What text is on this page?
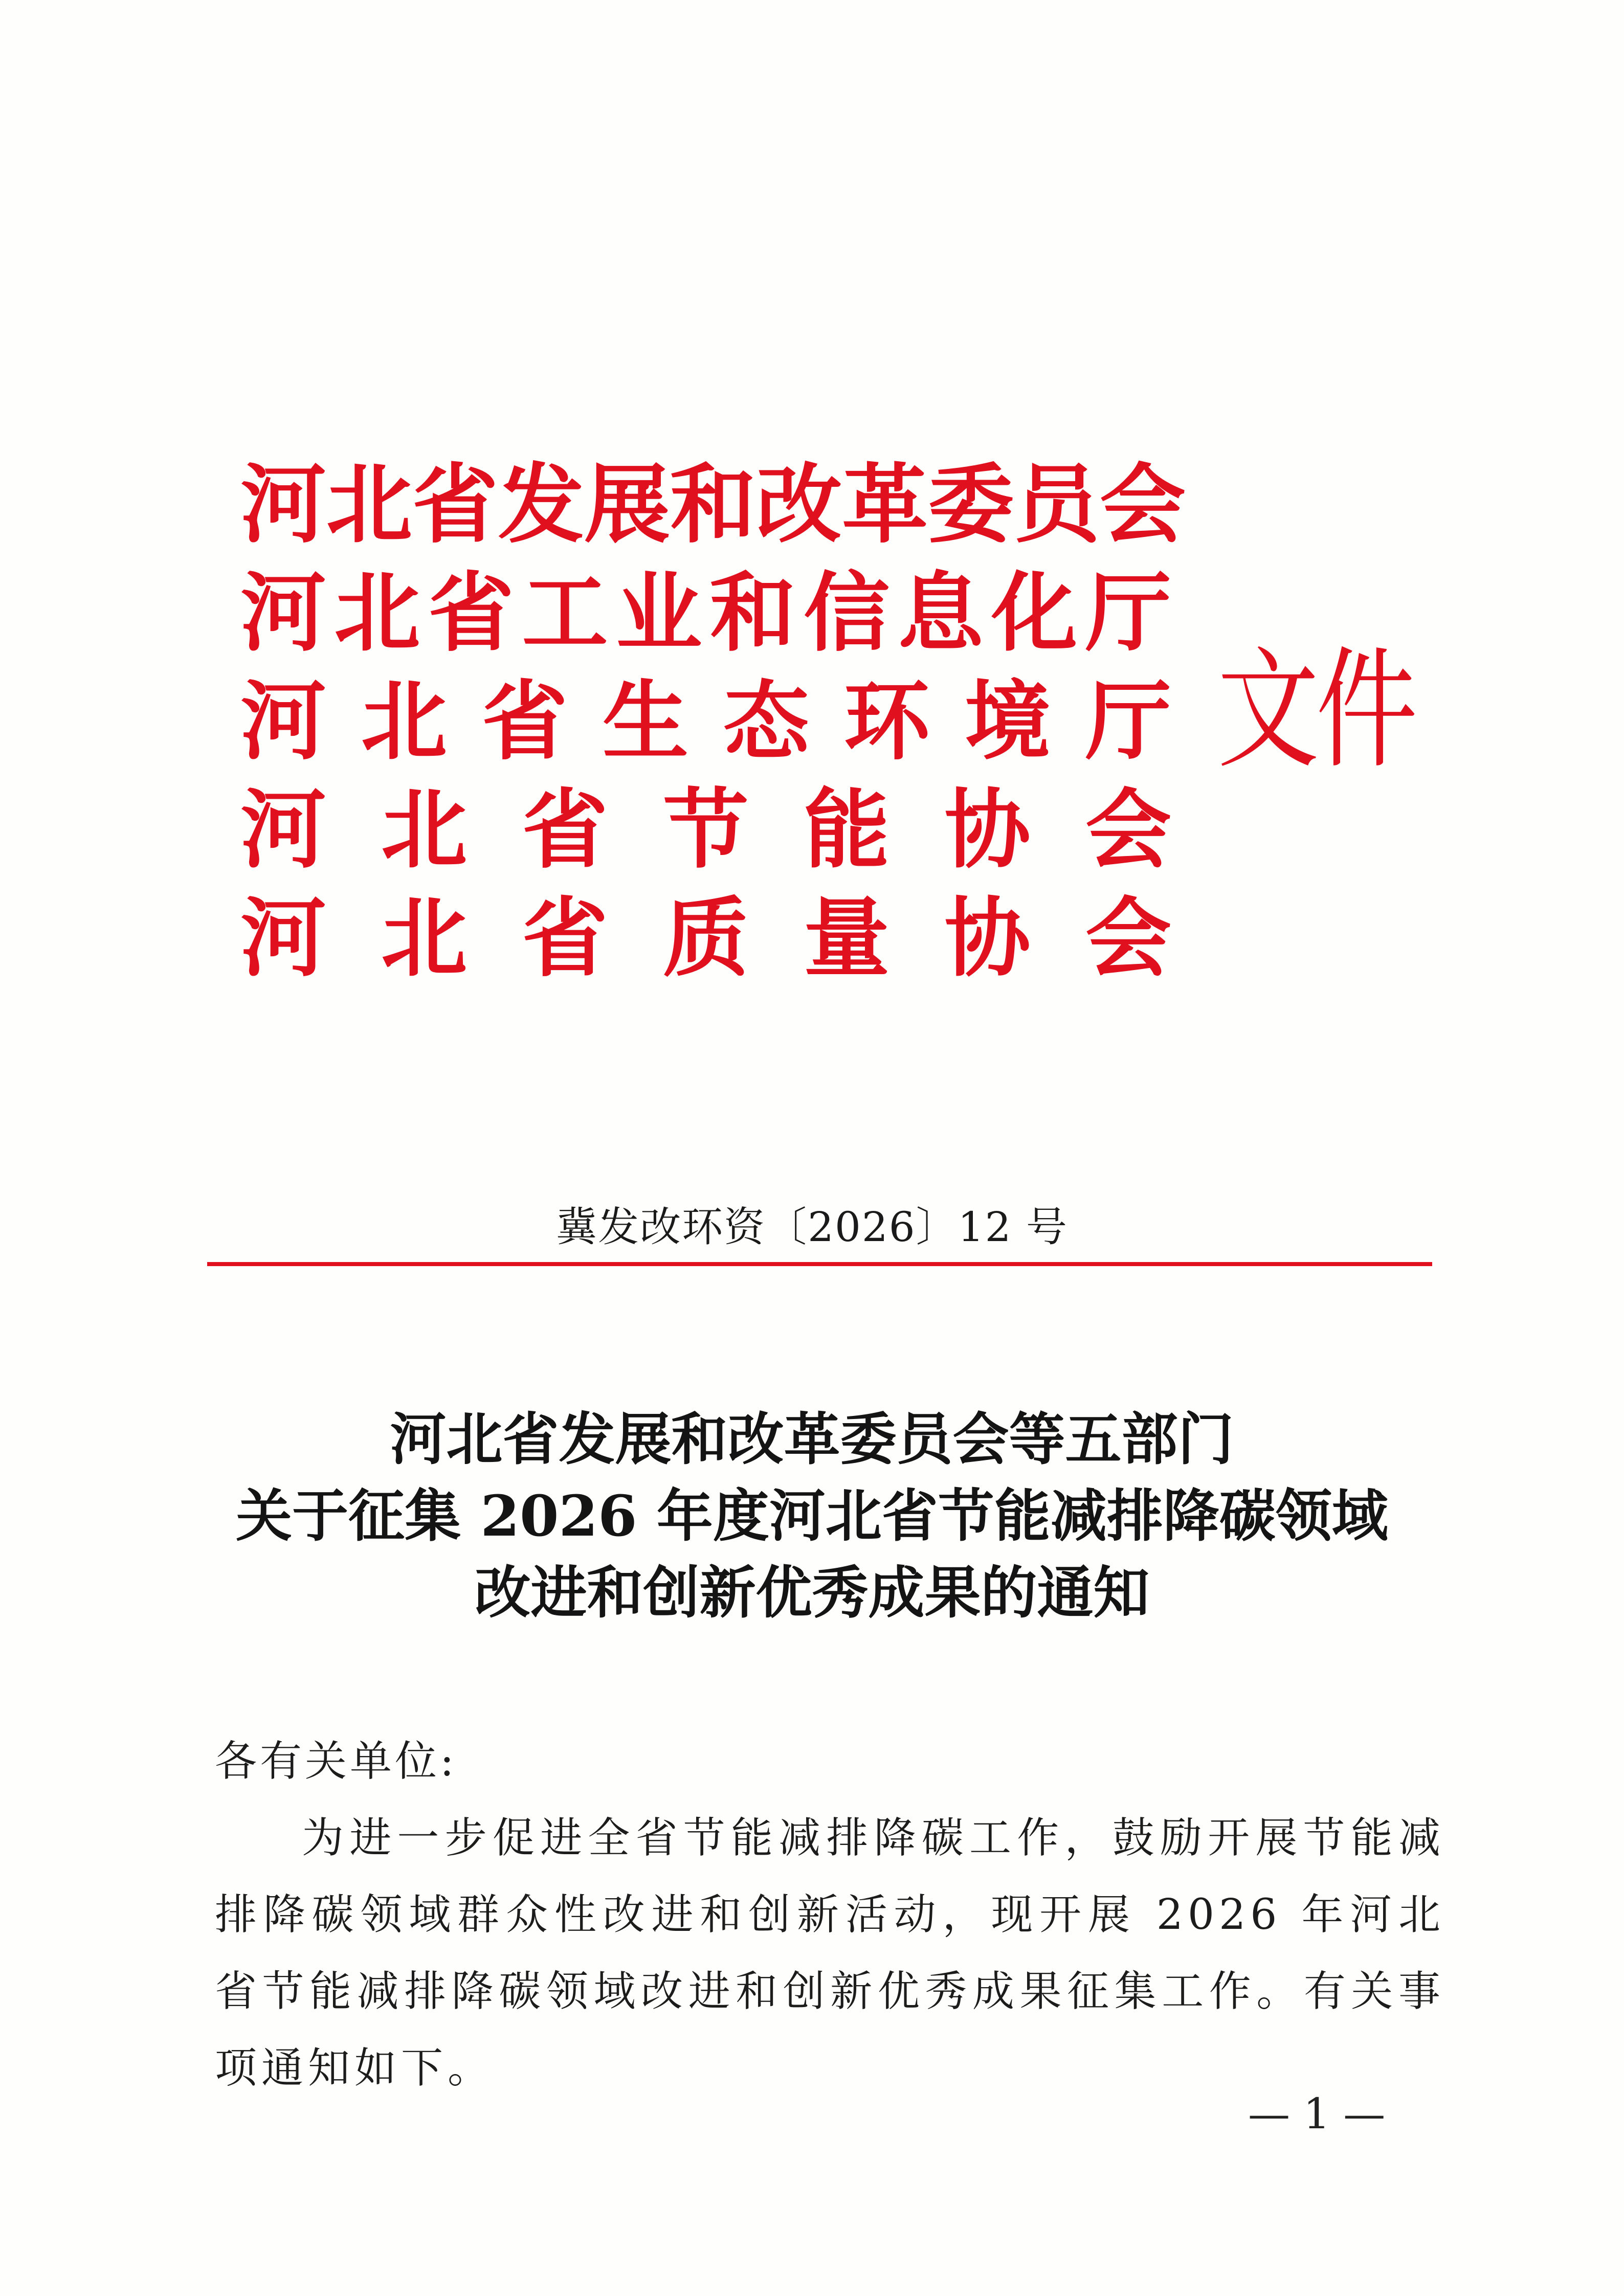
河 北 省 发 展 和 改 革 委 员 会
河 北 省 工 业 和 信 息 化 厅
河 北 省 生 态 环 境 厅
河 北 省 节 能 协 会
河 北 省 质 量 协 会
文件
冀发改环资〔2026〕12 号
河北省发展和改革委员会等五部门
关于征集 2026 年度河北省节能减排降碳领域
改进和创新优秀成果的通知

各有关单位:

为进一步促进全省节能减排降碳工作，鼓励开展节能减排降碳领域群众性改进和创新活动，现开展 2026 年河北省节能减排降碳领域改进和创新优秀成果征集工作。有关事项通知如下。

— 1 —
